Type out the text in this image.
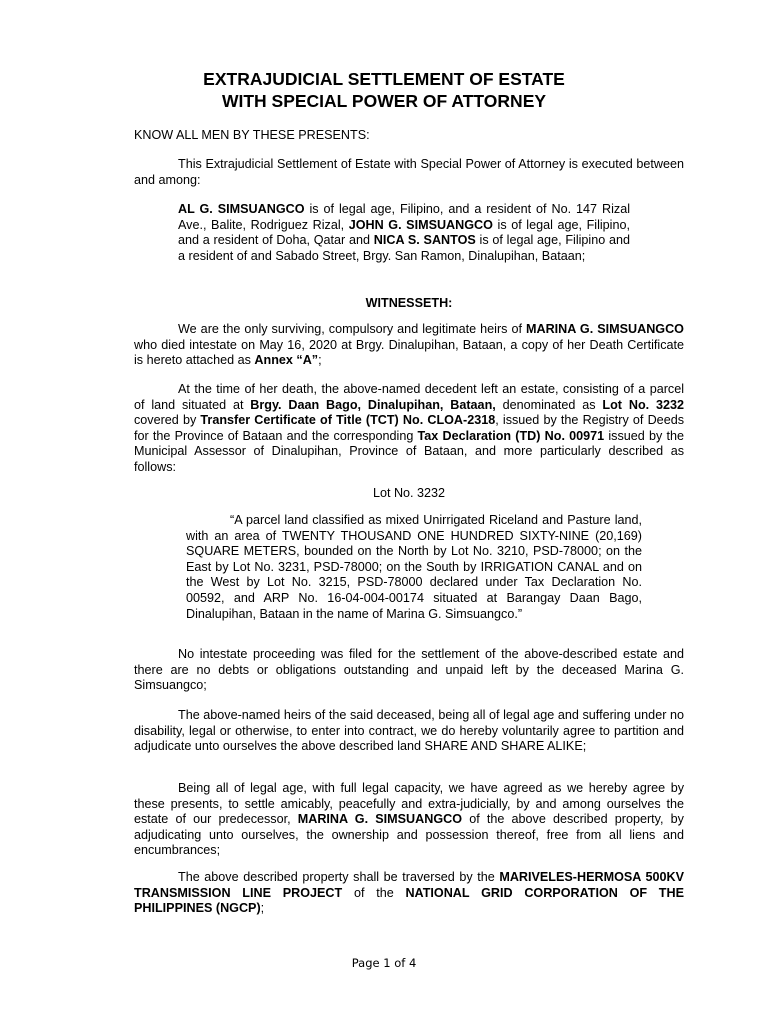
EXTRAJUDICIAL SETTLEMENT OF ESTATE
WITH SPECIAL POWER OF ATTORNEY

KNOW ALL MEN BY THESE PRESENTS:

This Extrajudicial Settlement of Estate with Special Power of Attorney is executed between and among:

AL G. SIMSUANGCO is of legal age, Filipino, and a resident of No. 147 Rizal Ave., Balite, Rodriguez Rizal, JOHN G. SIMSUANGCO is of legal age, Filipino, and a resident of Doha, Qatar and NICA S. SANTOS is of legal age, Filipino and a resident of and Sabado Street, Brgy. San Ramon, Dinalupihan, Bataan;

WITNESSETH:

We are the only surviving, compulsory and legitimate heirs of MARINA G. SIMSUANGCO who died intestate on May 16, 2020 at Brgy. Dinalupihan, Bataan, a copy of her Death Certificate is hereto attached as Annex “A”;

At the time of her death, the above-named decedent left an estate, consisting of a parcel of land situated at Brgy. Daan Bago, Dinalupihan, Bataan, denominated as Lot No. 3232 covered by Transfer Certificate of Title (TCT) No. CLOA-2318, issued by the Registry of Deeds for the Province of Bataan and the corresponding Tax Declaration (TD) No. 00971 issued by the Municipal Assessor of Dinalupihan, Province of Bataan, and more particularly described as follows:

Lot No. 3232

“A parcel land classified as mixed Unirrigated Riceland and Pasture land, with an area of TWENTY THOUSAND ONE HUNDRED SIXTY-NINE (20,169) SQUARE METERS, bounded on the North by Lot No. 3210, PSD-78000; on the East by Lot No. 3231, PSD-78000; on the South by IRRIGATION CANAL and on the West by Lot No. 3215, PSD-78000 declared under Tax Declaration No. 00592, and ARP No. 16-04-004-00174 situated at Barangay Daan Bago, Dinalupihan, Bataan in the name of Marina G. Simsuangco.”

No intestate proceeding was filed for the settlement of the above-described estate and there are no debts or obligations outstanding and unpaid left by the deceased Marina G. Simsuangco;

The above-named heirs of the said deceased, being all of legal age and suffering under no disability, legal or otherwise, to enter into contract, we do hereby voluntarily agree to partition and adjudicate unto ourselves the above described land SHARE AND SHARE ALIKE;

Being all of legal age, with full legal capacity, we have agreed as we hereby agree by these presents, to settle amicably, peacefully and extra-judicially, by and among ourselves the estate of our predecessor, MARINA G. SIMSUANGCO of the above described property, by adjudicating unto ourselves, the ownership and possession thereof, free from all liens and encumbrances;

The above described property shall be traversed by the MARIVELES-HERMOSA 500KV TRANSMISSION LINE PROJECT of the NATIONAL GRID CORPORATION OF THE PHILIPPINES (NGCP);

Page 1 of 4
